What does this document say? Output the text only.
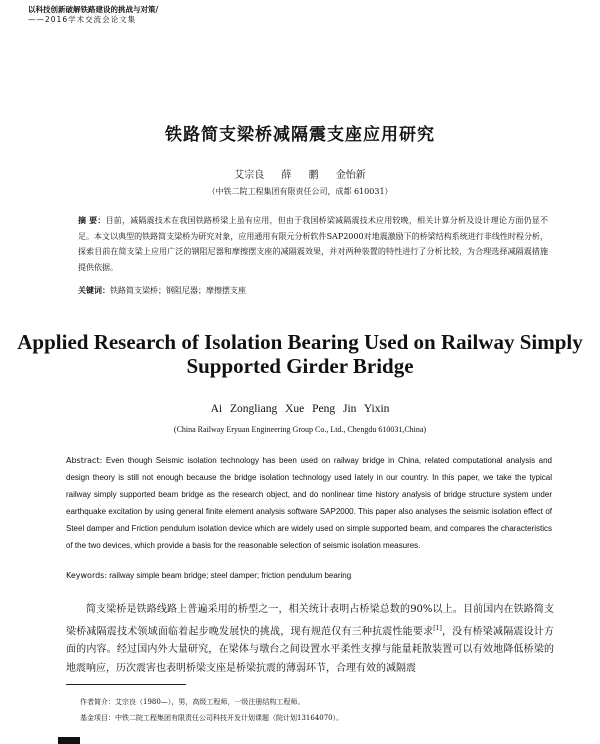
以科技创新破解铁路建设的挑战与对策/
——2016学术交流会论文集
铁路简支梁桥减隔震支座应用研究
艾宗良 薛 鹏 金怡新
（中铁二院工程集团有限责任公司，成都 610031）
摘 要：目前，减隔震技术在我国铁路桥梁上虽有应用，但由于我国桥梁减隔震技术应用较晚，相关计算分析及设计理论方面仍显不足。本文以典型的铁路简支梁桥为研究对象，应用通用有限元分析软件SAP2000对地震激励下的桥梁结构系统进行非线性时程分析，探索目前在简支梁上应用广泛的钢阻尼器和摩擦摆支座的减隔震效果，并对两种装置的特性进行了分析比较，为合理选择减隔震措施提供依据。
关键词：铁路简支梁桥；钢阻尼器；摩擦摆支座
Applied Research of Isolation Bearing Used on Railway Simply Supported Girder Bridge
Ai Zongliang Xue Peng Jin Yixin
(China Railway Eryuan Engineering Group Co., Ltd., Chengdu 610031,China)
Abstract: Even though Seismic isolation technology has been used on railway bridge in China, related computational analysis and design theory is still not enough because the bridge isolation technology used lately in our country. In this paper, we take the typical railway simply supported beam bridge as the research object, and do nonlinear time history analysis of bridge structure system under earthquake excitation by using general finite element analysis software SAP2000. This paper also analyses the seismic isolation effect of Steel damper and Friction pendulum isolation device which are widely used on simple supported beam, and compares the characteristics of the two devices, which provide a basis for the reasonable selection of seismic isolation measures.
Keywords: railway simple beam bridge; steel damper; friction pendulum bearing
简支梁桥是铁路线路上普遍采用的桥型之一，相关统计表明占桥梁总数的90%以上。目前国内在铁路简支梁桥减隔震技术领域面临着起步晚发展快的挑战，现有规范仅有三种抗震性能要求[1]，没有桥梁减隔震设计方面的内容。经过国内外大量研究，在梁体与墩台之间设置水平柔性支撑与能量耗散装置可以有效地降低桥梁的地震响应，历次震害也表明桥梁支座是桥梁抗震的薄弱环节，合理有效的减隔震
作者简介：艾宗良（1980—），男，高级工程师，一级注册结构工程师。
基金项目：中铁二院工程集团有限责任公司科技开发计划课题（院计划13164070）。
